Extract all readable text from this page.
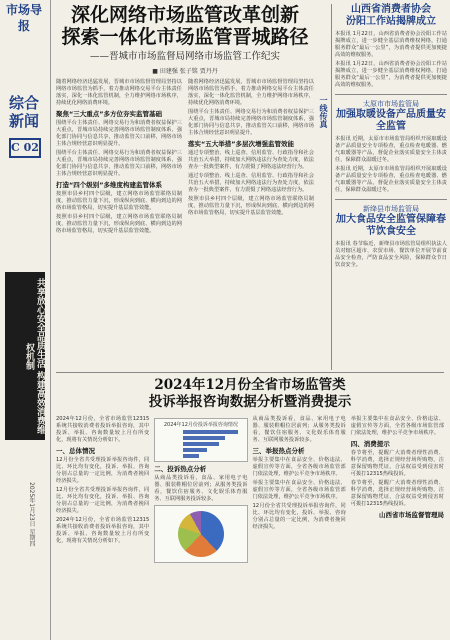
市场导报
综合新闻
C 02
共享放心安全品质生活 构建高效消费维权机制
2025年1月23日 星期四
深化网络市场监管改革创新
探索一体化市场监管晋城路径
——晋城市市场监督局网络市场监管工作纪实
■ 田建强 张子铭 贾丹丹
随着网络经济迅猛发展，晋城市市场监督管理局坚持以网络市场监管为抓手，着力推动网络交易平台主体责任落实，深化一体化监管机制，全力维护网络市场秩序，持续优化网络消费环境。
聚焦“三大重点”多方位夯实监管基础
围绕平台主体责任、网络交易行为和消费者权益保护三大重点，晋城市局持续完善网络市场监管制度体系，强化部门协同与信息共享，推动监管关口前移，网络市场主体合规经营意识明显提升。
围绕平台主体责任、网络交易行为和消费者权益保护三大重点，晋城市局持续完善网络市场监管制度体系，强化部门协同与信息共享，推动监管关口前移，网络市场主体合规经营意识明显提升。
打造“四个级别”多维度构建监管体系
按照市县乡村四个层级，建立网络市场监管联络员制度，推动监管力量下沉，形成纵向到底、横向到边的网络市场监管格局，切实提升基层监管效能。
按照市县乡村四个层级，建立网络市场监管联络员制度，推动监管力量下沉，形成纵向到底、横向到边的网络市场监管格局，切实提升基层监管效能。
随着网络经济迅猛发展，晋城市市场监督管理局坚持以网络市场监管为抓手，着力推动网络交易平台主体责任落实，深化一体化监管机制，全力维护网络市场秩序，持续优化网络消费环境。
围绕平台主体责任、网络交易行为和消费者权益保护三大重点，晋城市局持续完善网络市场监管制度体系，强化部门协同与信息共享，推动监管关口前移，网络市场主体合规经营意识明显提升。
落实“五大举措”多层次增强监管效能
通过专项整治、线上巡查、信用监管、行政指导和社会共治五大举措，持续加大网络违法行为查处力度，依法查办一批典型案件，有力震慑了网络违法经营行为。
通过专项整治、线上巡查、信用监管、行政指导和社会共治五大举措，持续加大网络违法行为查处力度，依法查办一批典型案件，有力震慑了网络违法经营行为。
按照市县乡村四个层级，建立网络市场监管联络员制度，推动监管力量下沉，形成纵向到底、横向到边的网络市场监管格局，切实提升基层监管效能。
一线传真
山西省消费者协会
汾阳工作站揭牌成立
本报讯 1月22日，山西省消费者协会汾阳工作站揭牌成立，进一步健全基层消费维权网络，打通服务群众“最后一公里”，为消费者提供更加便捷高效的维权服务。
本报讯 1月22日，山西省消费者协会汾阳工作站揭牌成立，进一步健全基层消费维权网络，打通服务群众“最后一公里”，为消费者提供更加便捷高效的维权服务。
太原市市场监管局
加强取暖设备产品质量安全监管
本报讯 近期，太原市市场监管局组织开展取暖设备产品质量安全专项检查，重点检查电暖器、燃气取暖器等产品，督促企业落实质量安全主体责任，保障群众温暖过冬。
本报讯 近期，太原市市场监管局组织开展取暖设备产品质量安全专项检查，重点检查电暖器、燃气取暖器等产品，督促企业落实质量安全主体责任，保障群众温暖过冬。
新绛县市场监管局
加大食品安全监管保障春节饮食安全
本报讯 春节临近，新绛县市场监管局组织执法人员对辖区超市、农贸市场、餐饮单位开展节前食品安全检查，严防食品安全风险，保障群众节日饮食安全。
2024年12月份全省市场监管类
投诉举报咨询数据分析暨消费提示
2024年12月份，全省市场监管12315系统共接收消费者投诉举报咨询，其中投诉、举报、咨询数量较上月有所变化，现将有关情况分析如下。
一、总体情况
12月份全省共受理投诉举报咨询件，同比、环比均有变化，投诉、举报、咨询分别占总量的一定比例，为消费者挽回经济损失。
12月份全省共受理投诉举报咨询件，同比、环比均有变化，投诉、举报、咨询分别占总量的一定比例，为消费者挽回经济损失。
2024年12月份，全省市场监管12315系统共接收消费者投诉举报咨询，其中投诉、举报、咨询数量较上月有所变化，现将有关情况分析如下。
2024年12月份投诉举报咨询情况
二、投诉热点分析
从商品类投诉看，食品、家用电子电器、服装鞋帽位居前列；从服务类投诉看，餐饮住宿服务、文化娱乐体育服务、互联网服务投诉较多。
从商品类投诉看，食品、家用电子电器、服装鞋帽位居前列；从服务类投诉看，餐饮住宿服务、文化娱乐体育服务、互联网服务投诉较多。
三、举报热点分析
举报主要集中在食品安全、价格违法、虚假宣传等方面，全省各级市场监管部门依法处理，维护公平竞争市场秩序。
举报主要集中在食品安全、价格违法、虚假宣传等方面，全省各级市场监管部门依法处理，维护公平竞争市场秩序。
12月份全省共受理投诉举报咨询件，同比、环比均有变化，投诉、举报、咨询分别占总量的一定比例，为消费者挽回经济损失。
举报主要集中在食品安全、价格违法、虚假宣传等方面，全省各级市场监管部门依法处理，维护公平竞争市场秩序。
四、消费提示
春节将至，提醒广大消费者理性消费、科学消费，选择正规经营场所购物，注意保留购物凭证，合法权益受到侵害时可拨打12315热线投诉。
春节将至，提醒广大消费者理性消费、科学消费，选择正规经营场所购物，注意保留购物凭证，合法权益受到侵害时可拨打12315热线投诉。
山西省市场监督管理局
